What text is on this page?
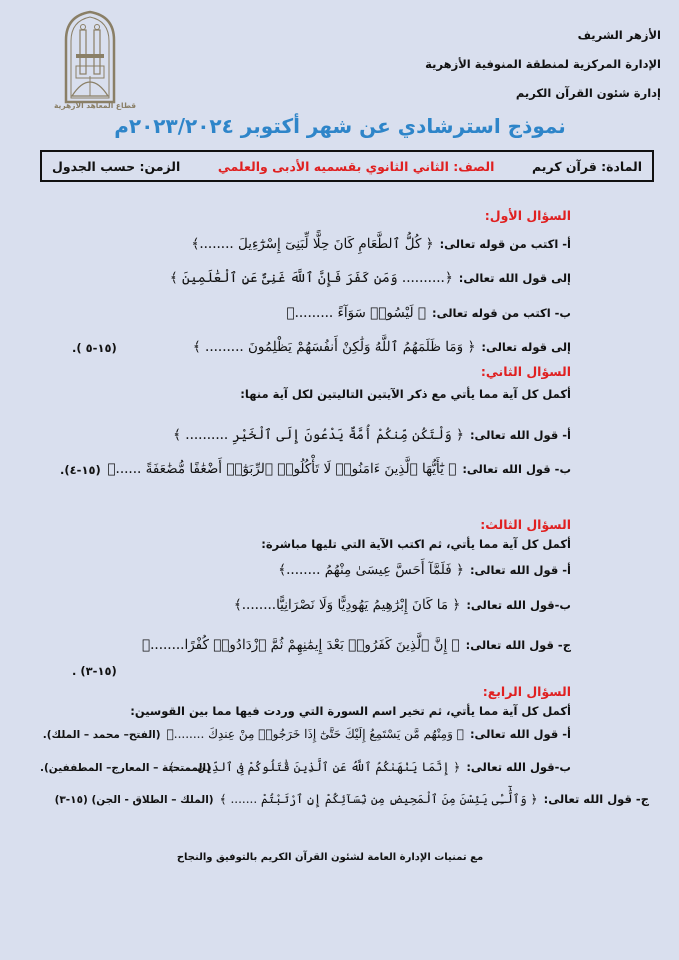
الأزهر الشريف
الإدارة المركزية لمنطقة المنوفية الأزهرية
إدارة شئون القرآن الكريم
قطاع المعاهد الأزهرية
نموذج استرشادي عن شهر أكتوبر ٢٠٢٣/٢٠٢٤م
المادة: قرآن كريم
الصف: الثاني الثانوي بقسميه الأدبى والعلمي
الزمن: حسب الجدول
السؤال الأول:
أ- اكتب من قوله تعالى:
﴿ كُلُّ ٱلطَّعَامِ كَانَ حِلًّا لِّبَنِىٓ إِسْرَٰٓءِيلَ ........﴾
إلى قول الله تعالى:
﴿.......... وَمَن كَفَرَ فَإِنَّ ٱللَّهَ غَنِىٌّ عَنِ ٱلْعَٰلَمِينَ ﴾
ب- اكتب من قوله تعالى:
﴿ لَيْسُوا۟ سَوَآءً .........﴾
إلى قوله تعالى:
﴿ وَمَا ظَلَمَهُمُ ٱللَّهُ وَلَٰكِنْ أَنفُسَهُمْ يَظْلِمُونَ ......... ﴾
(١٥-٥ ).
السؤال الثاني:
أكمل كل آية مما يأتي مع ذكر الآيتين التاليتين لكل آية منها:
أ- قول الله تعالى:
﴿ وَلْتَكُن مِّنكُمْ أُمَّةٌ يَدْعُونَ إِلَى ٱلْخَيْرِ .......... ﴾
ب- قول الله تعالى:
﴿ يَٰٓأَيُّهَا ٱلَّذِينَ ءَامَنُوا۟ لَا تَأْكُلُوا۟ ٱلرِّبَوٰٓا۟ أَضْعَٰفًا مُّضَٰعَفَةً ......﴾
(١٥-٤).
السؤال الثالث:
أكمل كل آية مما يأتي، ثم اكتب الآية التي تليها مباشرة:
أ- قول الله تعالى:
﴿ فَلَمَّآ أَحَسَّ عِيسَىٰ مِنْهُمُ ........﴾
ب-قول الله تعالى:
﴿ مَا كَانَ إِبْرَٰهِيمُ يَهُودِيًّا وَلَا نَصْرَانِيًّا........﴾
ج- قول الله تعالى:
﴿ إِنَّ ٱلَّذِينَ كَفَرُوا۟ بَعْدَ إِيمَٰنِهِمْ ثُمَّ ٱزْدَادُوا۟ كُفْرًا........﴾
(١٥-٣) .
السؤال الرابع:
أكمل كل آية مما يأتي، ثم تخير اسم السورة التي وردت فيها مما بين القوسين:
أ- قول الله تعالى:
﴿ وَمِنْهُم مَّن يَسْتَمِعُ إِلَيْكَ حَتَّىٰٓ إِذَا خَرَجُوا۟ مِنْ عِندِكَ ........﴾
(الفتح– محمد – الملك).
ب-قول الله تعالى:
﴿ إِنَّمَا يَنْهَىٰكُمُ ٱللَّهُ عَنِ ٱلَّذِينَ قَٰتَلُوكُمْ فِى ٱلدِّينِ .....﴾
(الممتحنة – المعارج– المطففين).
ج- قول الله تعالى:
﴿ وَٱلَّٰٓـِٔى يَئِسْنَ مِنَ ٱلْمَحِيضِ مِن نِّسَآئِكُمْ إِنِ ٱرْتَبْتُمْ ....... ﴾
(الملك – الطلاق - الجن) (١٥-٣)
مع تمنيات الإدارة العامة لشئون القرآن الكريم بالتوفيق والنجاح
